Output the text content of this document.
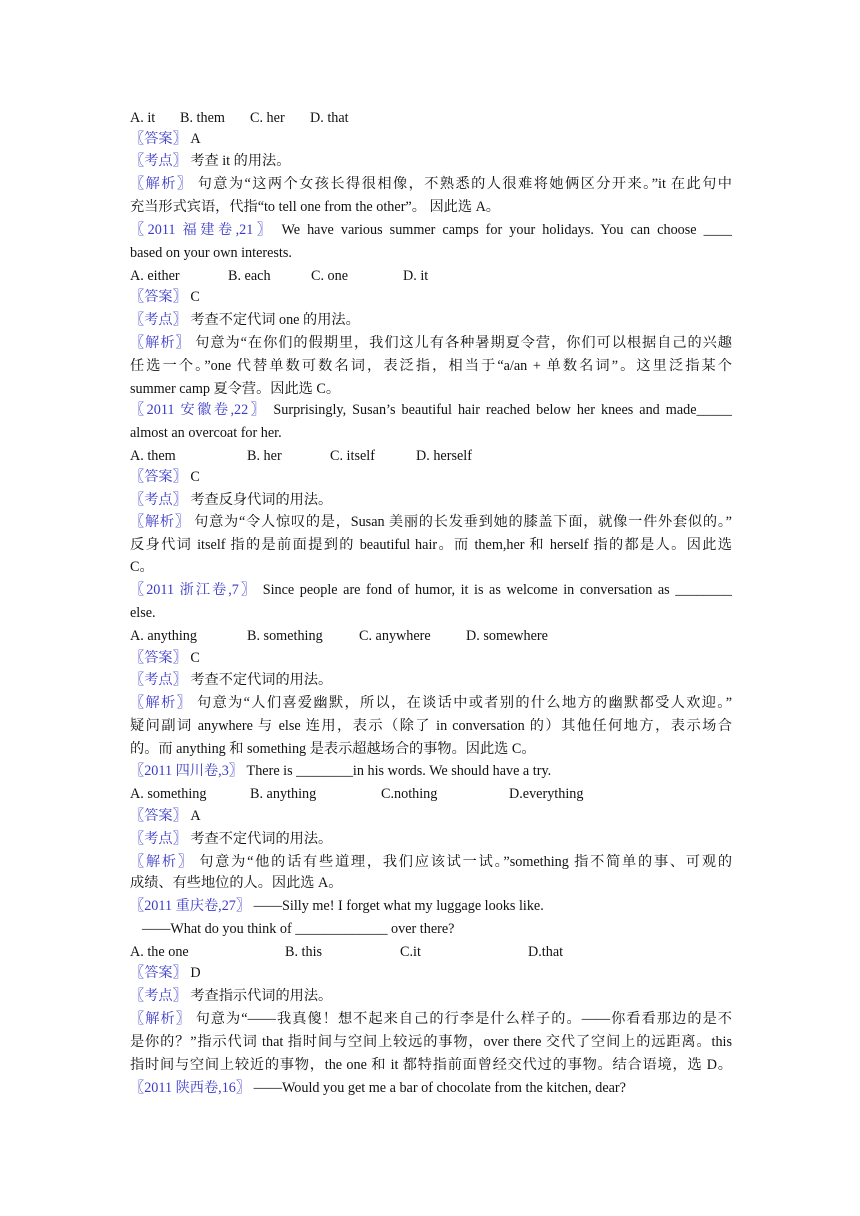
A. it B. them C. her D. that
〖答案〗 A
〖考点〗 考查 it 的用法。
〖解析〗 句意为“这两个女孩长得很相像，不熟悉的人很难将她俩区分开来。”it 在此句中
充当形式宾语，代指“to tell one from the other”。 因此选 A。
〖2011 福建卷,21〗 We have various summer camps for your holidays. You can choose ____
based on your own interests.
A. either	B. each	C. one	D. it
〖答案〗 C
〖考点〗 考查不定代词 one 的用法。
〖解析〗 句意为“在你们的假期里，我们这儿有各种暑期夏令营，你们可以根据自己的兴趣
任选一个。”one 代替单数可数名词，表泛指，相当于“a/an + 单数名词”。这里泛指某个
summer camp 夏令营。因此选 C。
〖2011 安徽卷,22〗 Surprisingly, Susan’s beautiful hair reached below her knees and made_____
almost an overcoat for her.
A. them	B. her	C. itself	D. herself
〖答案〗 C
〖考点〗 考查反身代词的用法。
〖解析〗 句意为“令人惊叹的是，Susan 美丽的长发垂到她的膝盖下面，就像一件外套似的。”
反身代词 itself 指的是前面提到的 beautiful hair。而 them,her 和 herself 指的都是人。因此选
C。
〖2011 浙江卷,7〗 Since people are fond of humor, it is as welcome in conversation as ________
else.
A. anything	B. something	C. anywhere D. somewhere
〖答案〗 C
〖考点〗 考查不定代词的用法。
〖解析〗 句意为“人们喜爱幽默，所以，在谈话中或者别的什么地方的幽默都受人欢迎。”
疑问副词 anywhere 与 else 连用，表示（除了 in conversation 的）其他任何地方，表示场合
的。而 anything 和 something 是表示超越场合的事物。因此选 C。
〖2011 四川卷,3〗 There is ________in his words. We should have a try.
A. something	B. anything	C.nothing	D.everything
〖答案〗 A
〖考点〗 考查不定代词的用法。
〖解析〗 句意为“他的话有些道理，我们应该试一试。”something 指不简单的事、可观的
成绩、有些地位的人。因此选 A。
〖2011 重庆卷,27〗 ——Silly me! I forget what my luggage looks like.
——What do you think of _____________ over there?
A. the one	B. this	C.it	D.that
〖答案〗 D
〖考点〗 考查指示代词的用法。
〖解析〗 句意为“——我真傻！想不起来自己的行李是什么样子的。——你看看那边的是不
是你的？”指示代词 that 指时间与空间上较远的事物，over there 交代了空间上的远距离。this
指时间与空间上较近的事物，the one 和 it 都特指前面曾经交代过的事物。结合语境，选 D。
〖2011 陕西卷,16〗 ——Would you get me a bar of chocolate from the kitchen, dear?
